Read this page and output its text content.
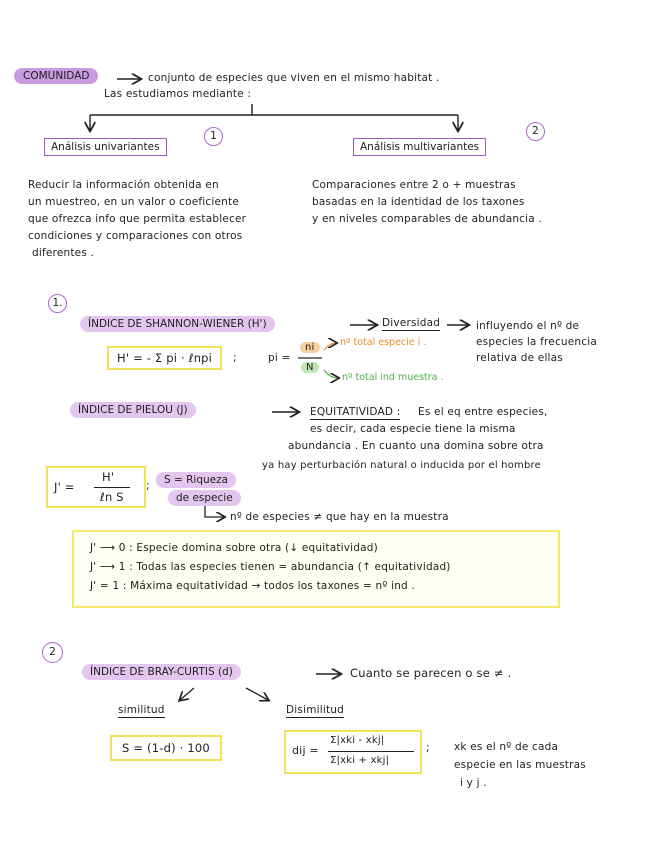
COMUNIDAD	conjunto de especies que viven en el mismo habitat .
Las estudiamos mediante :
Análisis univariantes
1
Reducir la información obtenida en
un muestreo, en un valor o coeficiente
que ofrezca info que permita establecer
condiciones y comparaciones con otros
diferentes .
Análisis multivariantes
2
Comparaciones entre 2 o + muestras
basadas en la identidad de los taxones
y en niveles comparables de abundancia .
1.
ÍNDICE DE SHANNON-WIENER (H')	Diversidad	influyendo el nº de
especies la frecuencia
relativa de ellas
H' = - Σ pi · ℓnpi	;	pi =
ni
N
nº total especie i .
nº total ind muestra .
ÍNDICE DE PIELOU (J)	EQUITATIVIDAD : Es el eq entre especies,
es decir, cada especie tiene la misma
abundancia . En cuanto una domina sobre otra
ya hay perturbación natural o inducida por el hombre
J' =
H'
ℓn S
;	S = Riqueza
de especie
nº de especies ≠ que hay en la muestra
J' ⟶ 0 : Especie domina sobre otra (↓ equitatividad)
J' ⟶ 1 : Todas las especies tienen = abundancia (↑ equitatividad)
J' = 1 : Máxima equitatividad → todos los taxones = nº ind .
2
ÍNDICE DE BRAY-CURTIS (d)	Cuanto se parecen o se ≠ .
similitud	Disimilitud
S = (1-d) · 100	dij =
Σ|xki - xkj|
Σ|xki + xkj|
; xk es el nº de cada
especie en las muestras
i y j .
